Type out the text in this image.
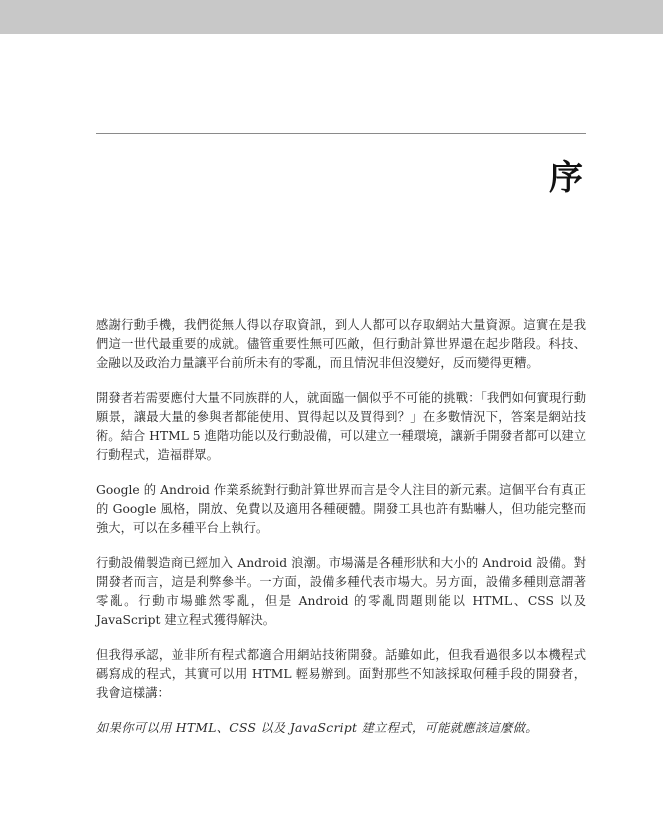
序

感謝行動手機，我們從無人得以存取資訊，到人人都可以存取網站大量資源。這實在是我們這一世代最重要的成就。儘管重要性無可匹敵，但行動計算世界還在起步階段。科技、金融以及政治力量讓平台前所未有的零亂，而且情況非但沒變好，反而變得更糟。

開發者若需要應付大量不同族群的人，就面臨一個似乎不可能的挑戰：「我們如何實現行動願景，讓最大量的參與者都能使用、買得起以及買得到？」在多數情況下，答案是網站技術。結合 HTML 5 進階功能以及行動設備，可以建立一種環境，讓新手開發者都可以建立行動程式，造福群眾。

Google 的 Android 作業系統對行動計算世界而言是令人注目的新元素。這個平台有真正的 Google 風格，開放、免費以及適用各種硬體。開發工具也許有點嚇人，但功能完整而強大，可以在多種平台上執行。

行動設備製造商已經加入 Android 浪潮。市場滿是各種形狀和大小的 Android 設備。對開發者而言，這是利弊參半。一方面，設備多種代表市場大。另方面，設備多種則意謂著零亂。行動市場雖然零亂，但是 Android 的零亂問題則能以 HTML、CSS 以及 JavaScript 建立程式獲得解決。

但我得承認，並非所有程式都適合用網站技術開發。話雖如此，但我看過很多以本機程式碼寫成的程式，其實可以用 HTML 輕易辦到。面對那些不知該採取何種手段的開發者，我會這樣講：

如果你可以用 HTML、CSS 以及 JavaScript 建立程式，可能就應該這麼做。
